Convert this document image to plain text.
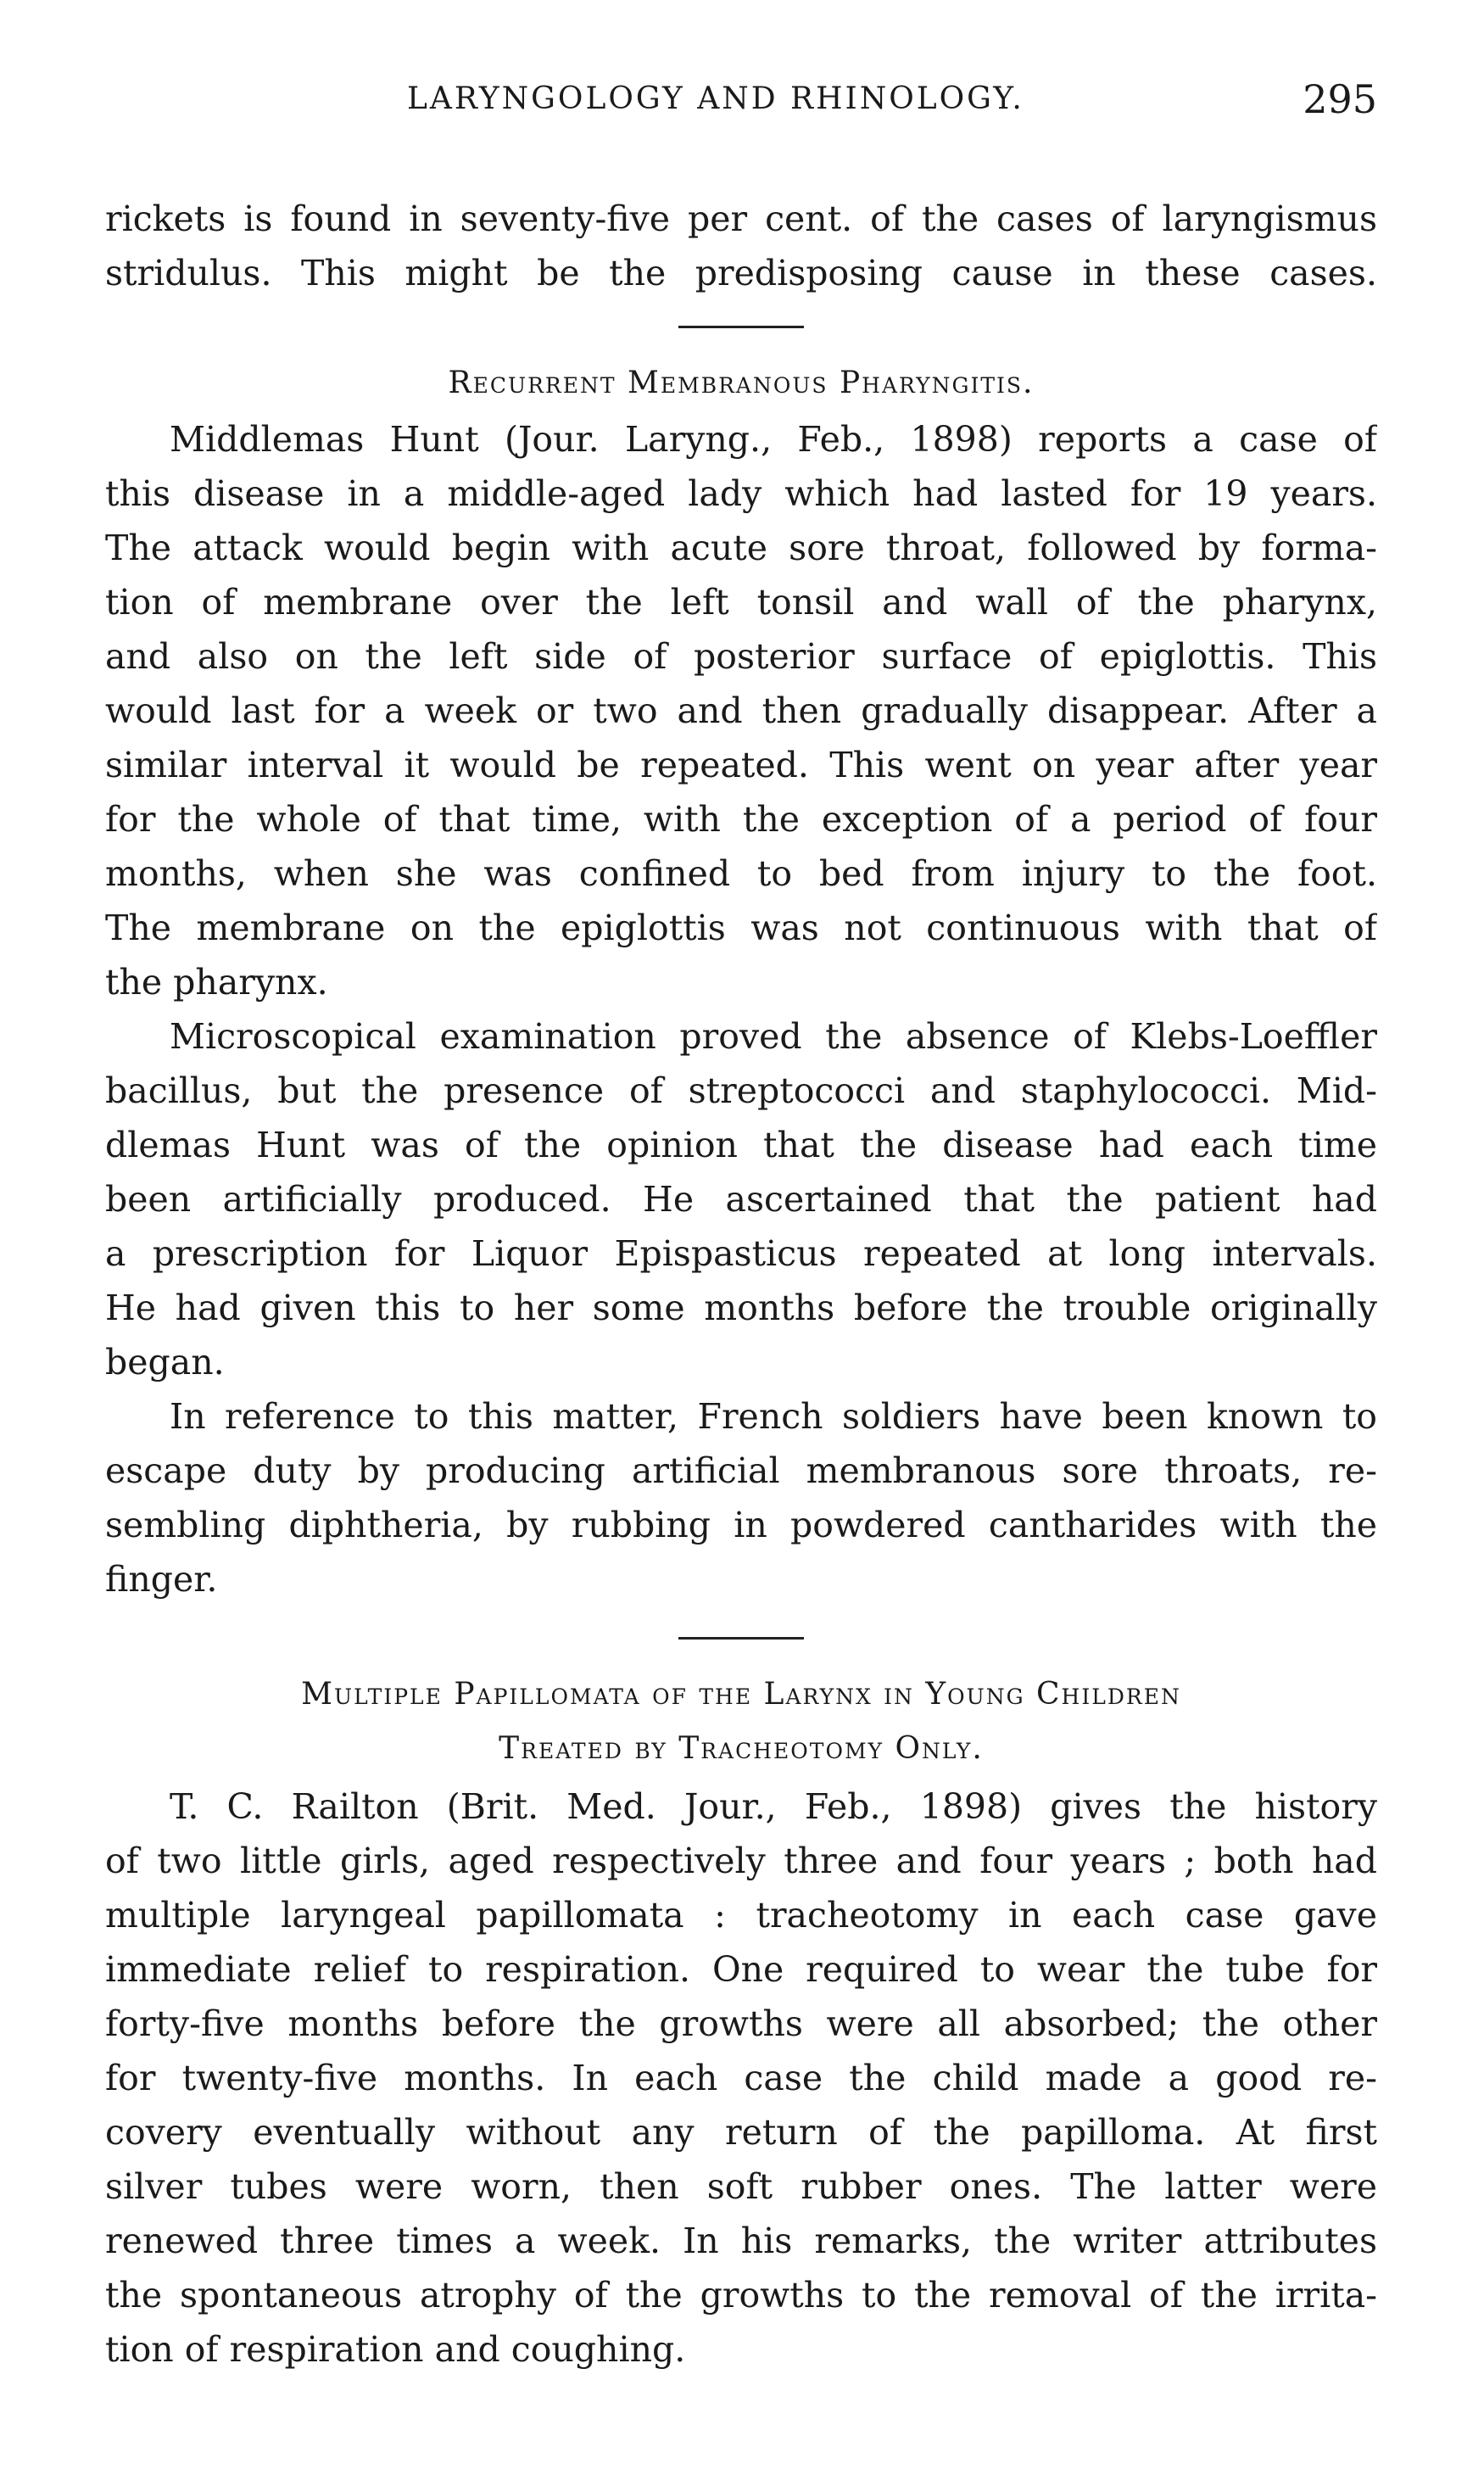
LARYNGOLOGY AND RHINOLOGY.	295
rickets is found in seventy-five per cent. of the cases of laryngismus
stridulus. This might be the predisposing cause in these cases.

Recurrent Membranous Pharyngitis.

Middlemas Hunt (Jour. Laryng., Feb., 1898) reports a case of
this disease in a middle-aged lady which had lasted for 19 years.
The attack would begin with acute sore throat, followed by forma-
tion of membrane over the left tonsil and wall of the pharynx,
and also on the left side of posterior surface of epiglottis. This
would last for a week or two and then gradually disappear. After a
similar interval it would be repeated. This went on year after year
for the whole of that time, with the exception of a period of four
months, when she was confined to bed from injury to the foot.
The membrane on the epiglottis was not continuous with that of
the pharynx.
Microscopical examination proved the absence of Klebs-Loeffler
bacillus, but the presence of streptococci and staphylococci. Mid-
dlemas Hunt was of the opinion that the disease had each time
been artificially produced. He ascertained that the patient had
a prescription for Liquor Epispasticus repeated at long intervals.
He had given this to her some months before the trouble originally
began.
In reference to this matter, French soldiers have been known to
escape duty by producing artificial membranous sore throats, re-
sembling diphtheria, by rubbing in powdered cantharides with the
finger.

Multiple Papillomata of the Larynx in Young Children

Treated by Tracheotomy Only.

T. C. Railton (Brit. Med. Jour., Feb., 1898) gives the history
of two little girls, aged respectively three and four years ; both had
multiple laryngeal papillomata : tracheotomy in each case gave
immediate relief to respiration. One required to wear the tube for
forty-five months before the growths were all absorbed; the other
for twenty-five months. In each case the child made a good re-
covery eventually without any return of the papilloma. At first
silver tubes were worn, then soft rubber ones. The latter were
renewed three times a week. In his remarks, the writer attributes
the spontaneous atrophy of the growths to the removal of the irrita-
tion of respiration and coughing.
